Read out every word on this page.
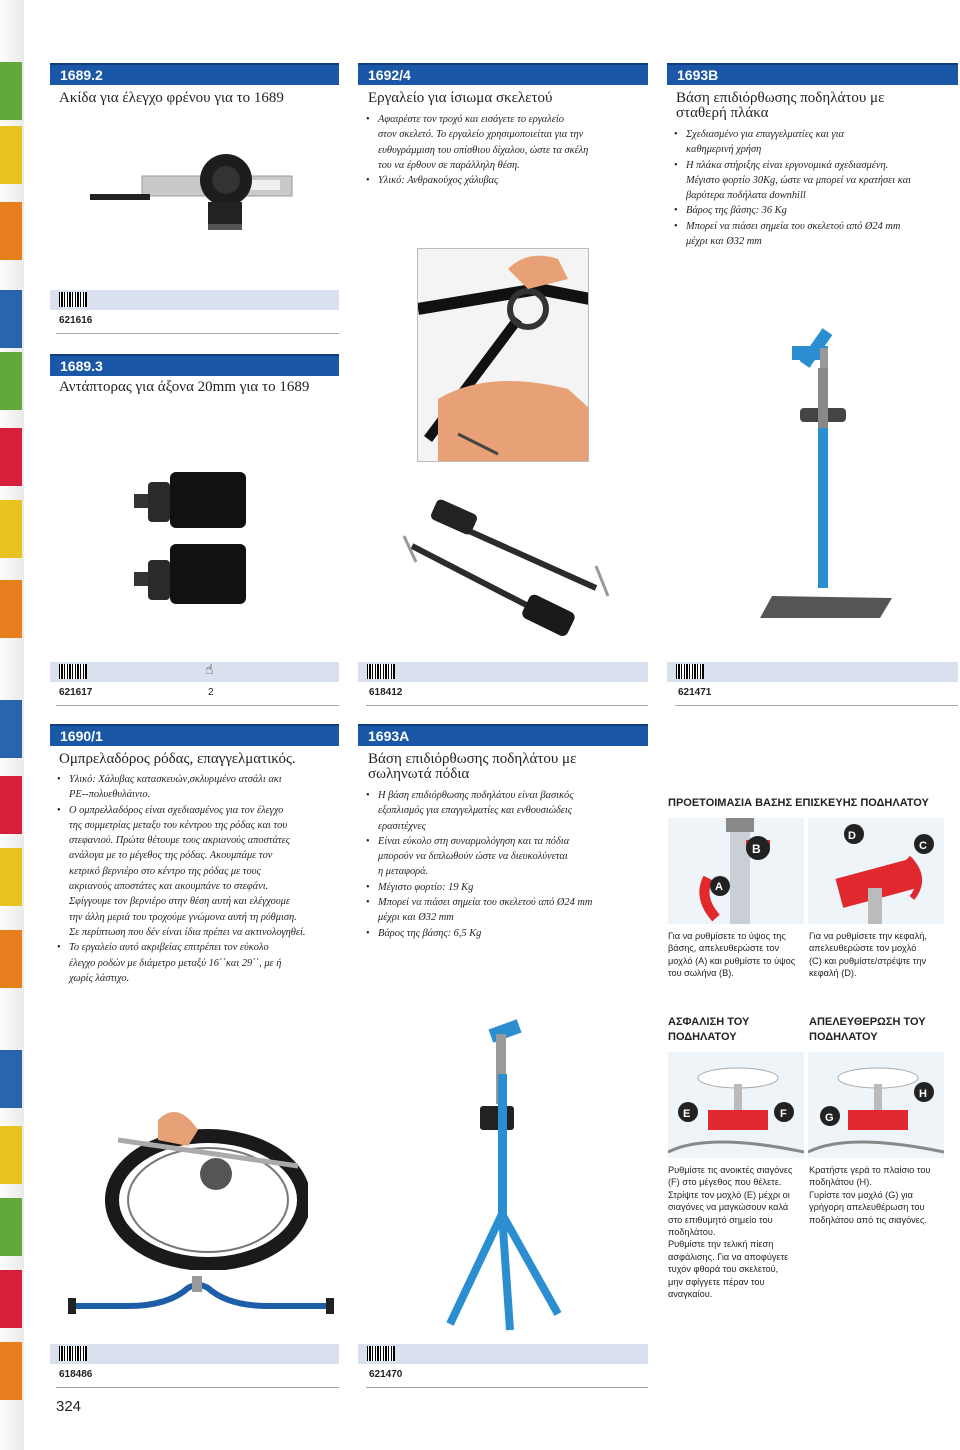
1689.2
Ακίδα για έλεγχο φρένου για το 1689
621616
1689.3
Αντάπτορας για άξονα 20mm για το 1689
☝
621617	2
1692/4
Εργαλείο για ίσιωμα σκελετού
• Αφαιρέστε τον τροχό και εισάγετε το εργαλείο
στον σκελετό. Το εργαλείο χρησιμοποιείται για την
ευθυγράμμιση του οπίσθιου δίχαλου, ώστε τα σκέλη
του να έρθουν σε παράλληλη θέση.
• Υλικό: Ανθρακούχος χάλυβας
618412
1693B
Βάση επιδιόρθωσης ποδηλάτου με
σταθερή πλάκα
• Σχεδιασμένο για επαγγελματίες και για
καθημερινή χρήση
• Η πλάκα στήριξης είναι εργονομικά σχεδιασμένη.
Μέγιστο φορτίο 30Kg, ώστε να μπορεί να κρατήσει και
βαρύτερα ποδήλατα downhill
• Βάρος της βάσης: 36 Kg
• Μπορεί να πιάσει σημεία του σκελετού από Ø24 mm
μέχρι και Ø32 mm
621471
1690/1
Ομπρελαδόρος ρόδας, επαγγελματικός.
• Υλικό: Χάλυβας κατασκευών,σκλυριμένο ατσάλι ακι
PE--πολυεθυλάινιο.
• Ο ομπρελλαδόρος είναι σχεδιασμένος για τον έλεγχο
της συμμετρίας μεταξυ του κέντρου της ρόδας και του
στεφανιού. Πρώτα θέτουμε τους ακριανούς αποστάτες
ανάλογα με το μέγεθος της ρόδας. Ακουμπάμε τον
κετρικό βερνιέρο στο κέντρο της ρόδας με τους
ακριανούς αποστάτες και ακουμπάνε το στεφάνι.
Σφίγγουμε τον βερνιέρο στην θέση αυτή και ελέγχουμε
την άλλη μεριά του τροχούμε γνώμονα αυτή τη ρύθμιση.
Σε περίπτωση που δέν είναι ίδια πρέπει να ακτινολογηθεί.
• Το εργαλείο αυτό ακριβείας επιτρέπει τον εύκολο
έλεγχο ροδών με διάμετρο μεταξύ 16΄΄και 29΄΄, με ή
χωρίς λάστιχο.
618486
1693A
Βάση επιδιόρθωσης ποδηλάτου με
σωληνωτά πόδια
• Η βάση επιδιόρθωσης ποδηλάτου είναι βασικός
εξοπλισμός για επαγγελματίες και ενθουσιώδεις
ερασιτέχνες
• Είναι εύκολο στη συναρμολόγηση και τα πόδια
μπορούν να διπλωθούν ώστε να διευκολύνεται
η μεταφορά.
• Μέγιστο φορτίο: 19 Kg
• Μπορεί να πιάσει σημεία του σκελετού από Ø24 mm
μέχρι και Ø32 mm
• Βάρος της βάσης: 6,5 Kg
621470
ΠΡΟΕΤΟΙΜΑΣΙΑ ΒΑΣΗΣ ΕΠΙΣΚΕΥΗΣ ΠΟΔΗΛΑΤΟΥ
B
A
D
C
Για να ρυθμίσετε το ύψος της
βάσης, απελευθερώστε τον
μοχλό (A) και ρυθμίστε το ύψος
του σωλήνα (B).
Για να ρυθμίσετε την κεφαλή,
απελευθερώστε τον μοχλό
(C) και ρυθμίστε/στρέψτε την
κεφαλή (D).
ΑΣΦΑΛΙΣΗ ΤΟΥ
ΠΟΔΗΛΑΤΟΥ
ΑΠΕΛΕΥΘΕΡΩΣΗ ΤΟΥ
ΠΟΔΗΛΑΤΟΥ
E	F	G
H
Ρυθμίστε τις ανοικτές σιαγόνες
(F) στο μέγεθος που θέλετε.
Στρίψτε τον μοχλό (E) μέχρι οι
σιαγόνες να μαγκώσουν καλά
στο επιθυμητό σημείο του
ποδηλάτου.
Ρυθμίστε την τελική πίεση
ασφάλισης. Για να αποφύγετε
τυχόν φθορά του σκελετού,
μην σφίγγετε πέραν του
αναγκαίου.
Κρατήστε γερά το πλαίσιο του
ποδηλάτου (H).
Γυρίστε τον μοχλό (G) για
γρήγορη απελευθέρωση του
ποδηλάτου από τις σιαγόνες.
324
